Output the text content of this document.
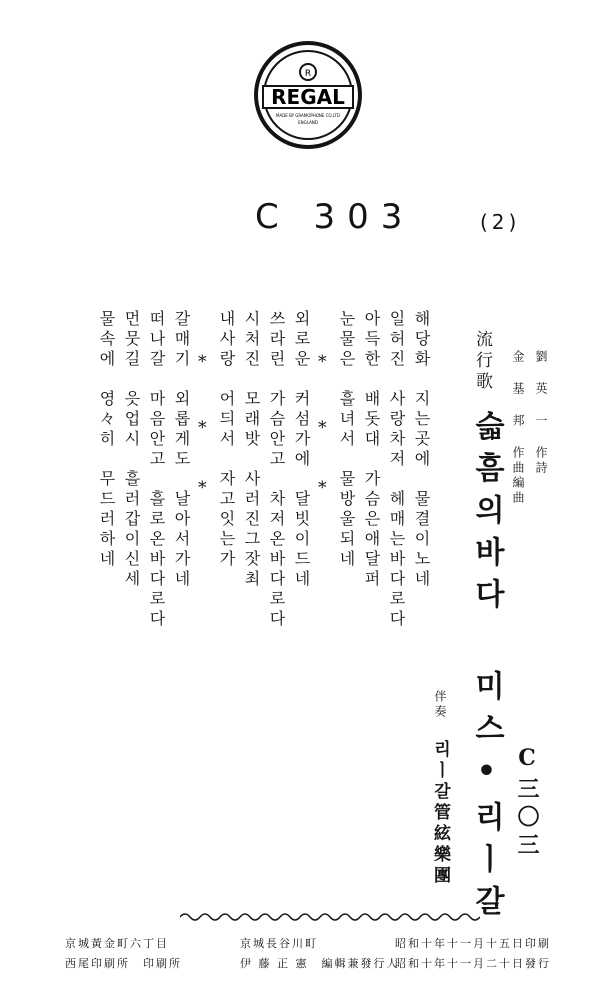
R
REGAL
MADE BY GRAMOPHONE CO.LTD
ENGLAND
C 303	(2)
劉 英 一 作詩
金 基 邦 作曲編曲
流行歌
슯흠의바다
미스•리ㅣ갈
伴奏
리ㅣ갈管絃樂團	C三〇三
해당화　지는곳에　물결이노네
일허진　사랑차저　헤매는바다로다
아득한　배돗대　가슴은애달퍼
눈물은　흘녀서　물방울되네
*
*
*
외로운　커섬가에　달빗이드네
쓰라린　가슴안고　차저온바다로다
시처진　모래밧　사러진그잣최
내사랑　어듸서　자고잇는가
*
*
*
갈매기　외롭게도　날아서가네
떠나갈　마음안고　흘로온바다로다
먼뭇길　읏업시　흘러갑이신세
물속에　영々히　무드러하네
昭和十年十一月十五日印刷
昭和十年十一月二十日發行
京城長谷川町
伊 藤 正 憲　 編輯兼發行人
京城黃金町六丁目
西尾印刷所　 印刷所
